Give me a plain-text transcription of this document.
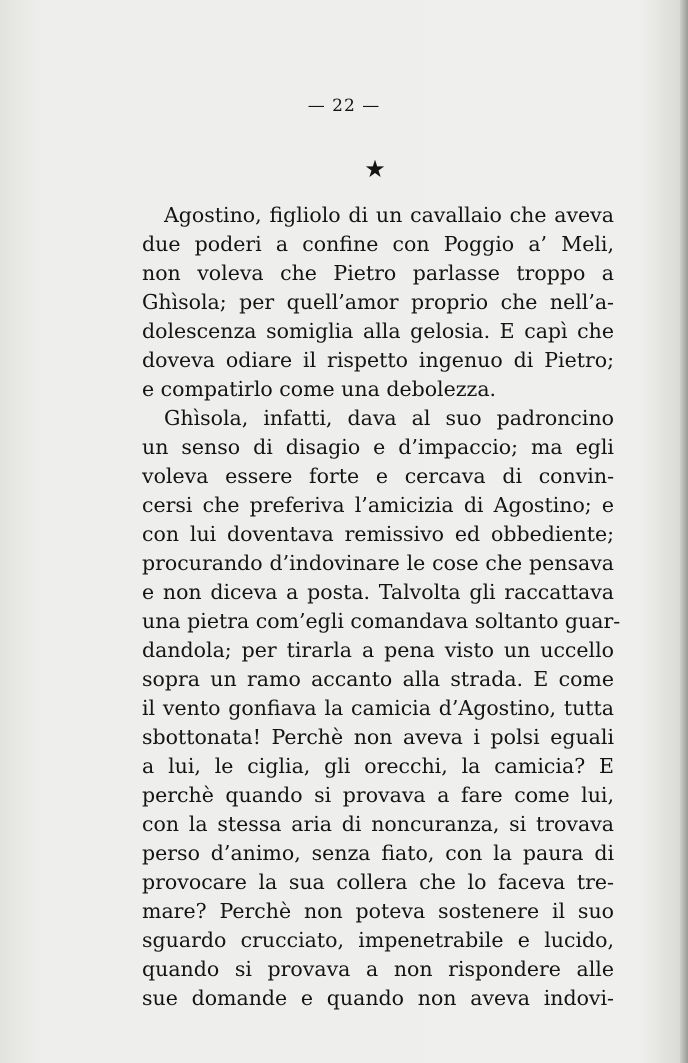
— 22 —
★
Agostino, figliolo di un cavallaio che aveva
due poderi a confine con Poggio a’ Meli,
non voleva che Pietro parlasse troppo a
Ghìsola; per quell’amor proprio che nell’a-
dolescenza somiglia alla gelosia. E capì che
doveva odiare il rispetto ingenuo di Pietro;
e compatirlo come una debolezza.
Ghìsola, infatti, dava al suo padroncino
un senso di disagio e d’impaccio; ma egli
voleva essere forte e cercava di convin-
cersi che preferiva l’amicizia di Agostino; e
con lui doventava remissivo ed obbediente;
procurando d’indovinare le cose che pensava
e non diceva a posta. Talvolta gli raccattava
una pietra com’egli comandava soltanto guar-
dandola; per tirarla a pena visto un uccello
sopra un ramo accanto alla strada. E come
il vento gonfiava la camicia d’Agostino, tutta
sbottonata! Perchè non aveva i polsi eguali
a lui, le ciglia, gli orecchi, la camicia? E
perchè quando si provava a fare come lui,
con la stessa aria di noncuranza, si trovava
perso d’animo, senza fiato, con la paura di
provocare la sua collera che lo faceva tre-
mare? Perchè non poteva sostenere il suo
sguardo crucciato, impenetrabile e lucido,
quando si provava a non rispondere alle
sue domande e quando non aveva indovi-
